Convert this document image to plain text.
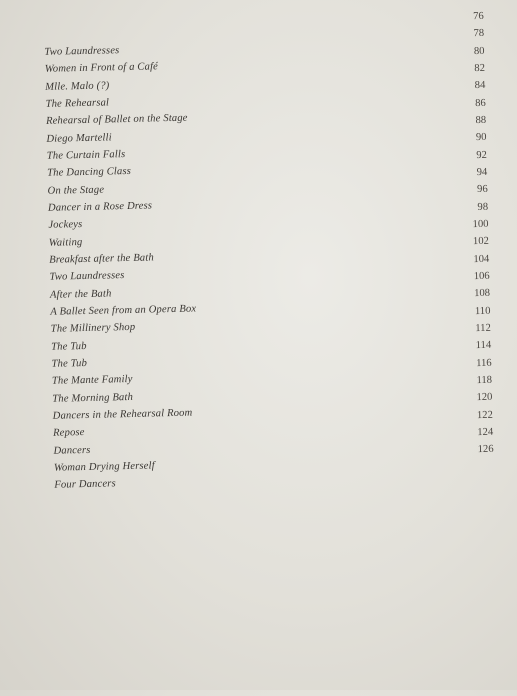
76
Two Laundresses
78
Women in Front of a Café
80
Mlle. Malo (?)
82
The Rehearsal
84
Rehearsal of Ballet on the Stage
86
Diego Martelli
88
The Curtain Falls
90
The Dancing Class
92
On the Stage
94
Dancer in a Rose Dress
96
Jockeys
98
Waiting
100
Breakfast after the Bath
102
Two Laundresses
104
After the Bath
106
A Ballet Seen from an Opera Box
108
The Millinery Shop
110
The Tub
112
The Tub
114
The Mante Family
116
The Morning Bath
118
Dancers in the Rehearsal Room
120
Repose
122
Dancers
124
Woman Drying Herself
126
Four Dancers
